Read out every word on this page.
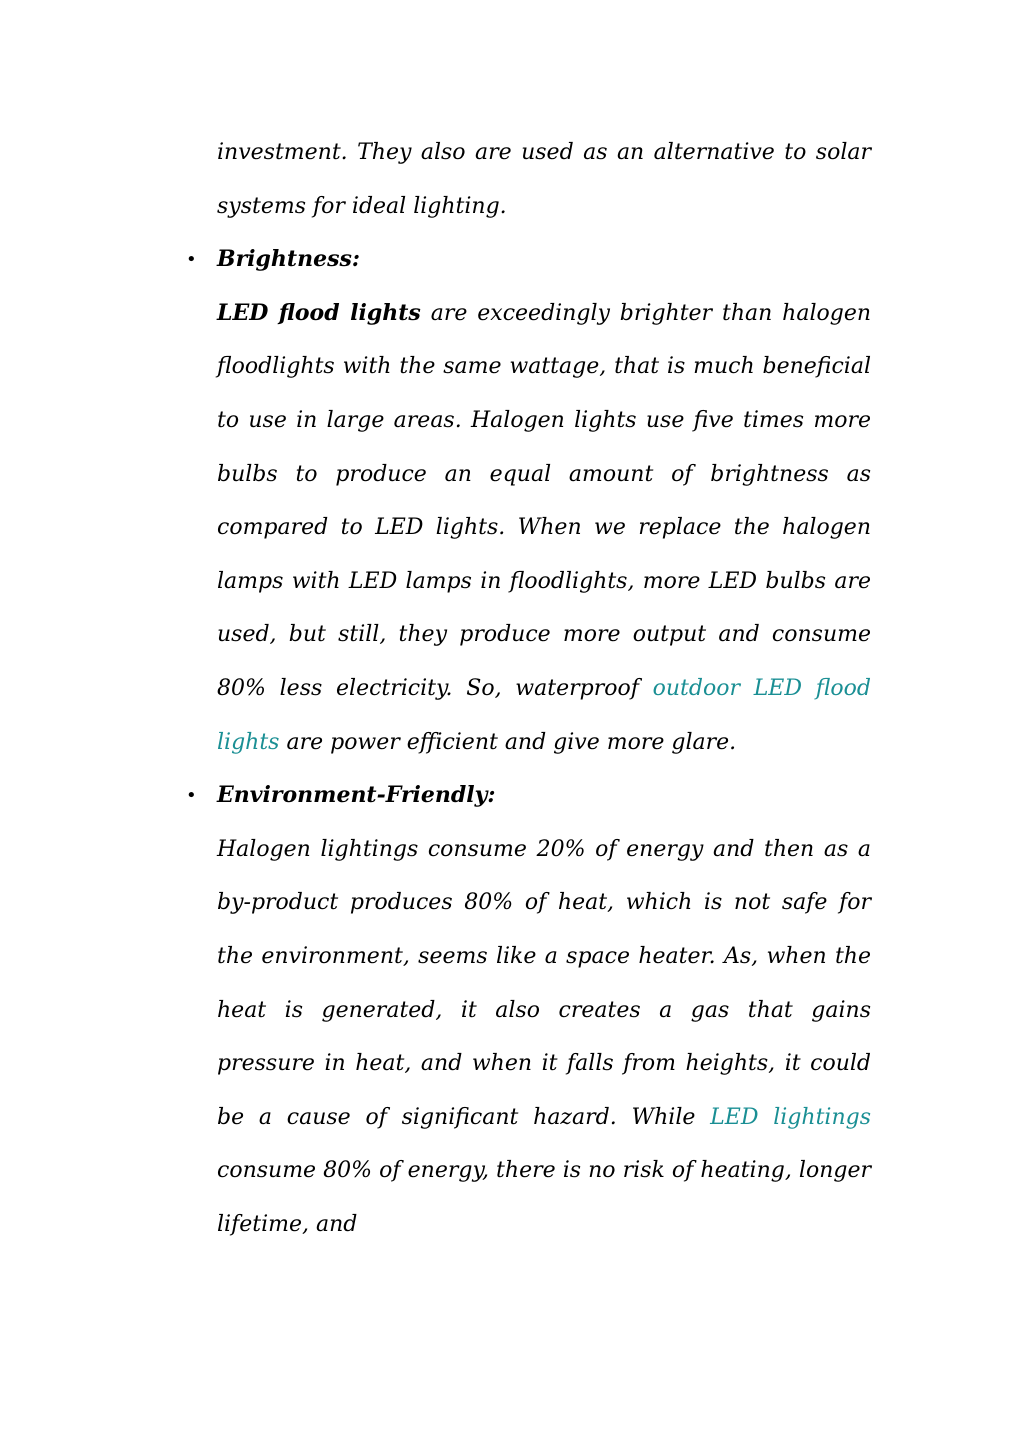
investment. They also are used as an alternative to solar systems for ideal lighting.

• Brightness:

LED flood lights are exceedingly brighter than halogen floodlights with the same wattage, that is much beneficial to use in large areas. Halogen lights use five times more bulbs to produce an equal amount of brightness as compared to LED lights. When we replace the halogen lamps with LED lamps in floodlights, more LED bulbs are used, but still, they produce more output and consume 80% less electricity. So, waterproof outdoor LED flood lights are power efficient and give more glare.

• Environment-Friendly:

Halogen lightings consume 20% of energy and then as a by-product produces 80% of heat, which is not safe for the environment, seems like a space heater. As, when the heat is generated, it also creates a gas that gains pressure in heat, and when it falls from heights, it could be a cause of significant hazard. While LED lightings consume 80% of energy, there is no risk of heating, longer lifetime, and
